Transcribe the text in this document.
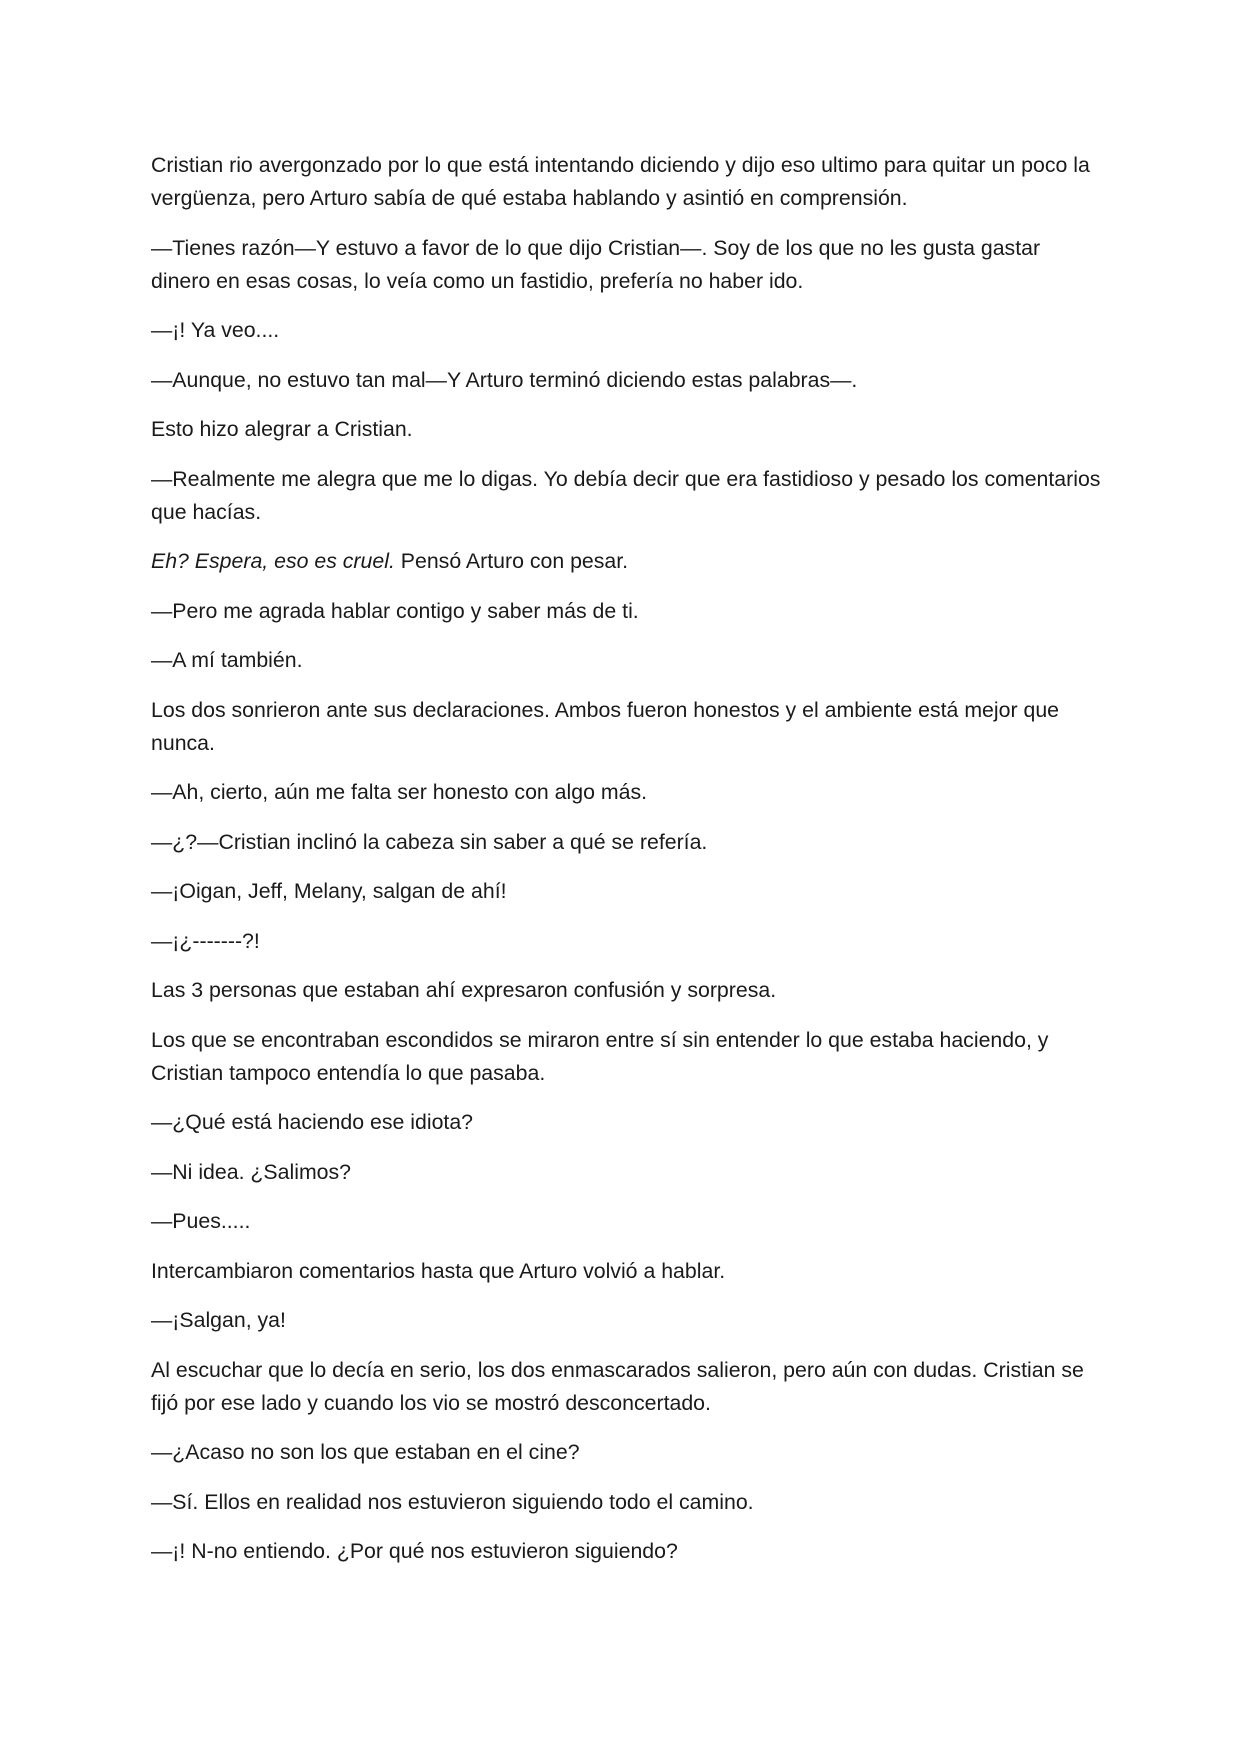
Cristian rio avergonzado por lo que está intentando diciendo y dijo eso ultimo para quitar un poco la vergüenza, pero Arturo sabía de qué estaba hablando y asintió en comprensión.

—Tienes razón—Y estuvo a favor de lo que dijo Cristian—. Soy de los que no les gusta gastar dinero en esas cosas, lo veía como un fastidio, prefería no haber ido.

—¡! Ya veo....

—Aunque, no estuvo tan mal—Y Arturo terminó diciendo estas palabras—.

Esto hizo alegrar a Cristian.

—Realmente me alegra que me lo digas. Yo debía decir que era fastidioso y pesado los comentarios que hacías.

Eh? Espera, eso es cruel. Pensó Arturo con pesar.

—Pero me agrada hablar contigo y saber más de ti.

—A mí también.

Los dos sonrieron ante sus declaraciones. Ambos fueron honestos y el ambiente está mejor que nunca.

—Ah, cierto, aún me falta ser honesto con algo más.

—¿?—Cristian inclinó la cabeza sin saber a qué se refería.

—¡Oigan, Jeff, Melany, salgan de ahí!

—¡¿-------?!

Las 3 personas que estaban ahí expresaron confusión y sorpresa.

Los que se encontraban escondidos se miraron entre sí sin entender lo que estaba haciendo, y Cristian tampoco entendía lo que pasaba.

—¿Qué está haciendo ese idiota?

—Ni idea. ¿Salimos?

—Pues.....

Intercambiaron comentarios hasta que Arturo volvió a hablar.

—¡Salgan, ya!

Al escuchar que lo decía en serio, los dos enmascarados salieron, pero aún con dudas. Cristian se fijó por ese lado y cuando los vio se mostró desconcertado.

—¿Acaso no son los que estaban en el cine?

—Sí. Ellos en realidad nos estuvieron siguiendo todo el camino.

—¡! N-no entiendo. ¿Por qué nos estuvieron siguiendo?
